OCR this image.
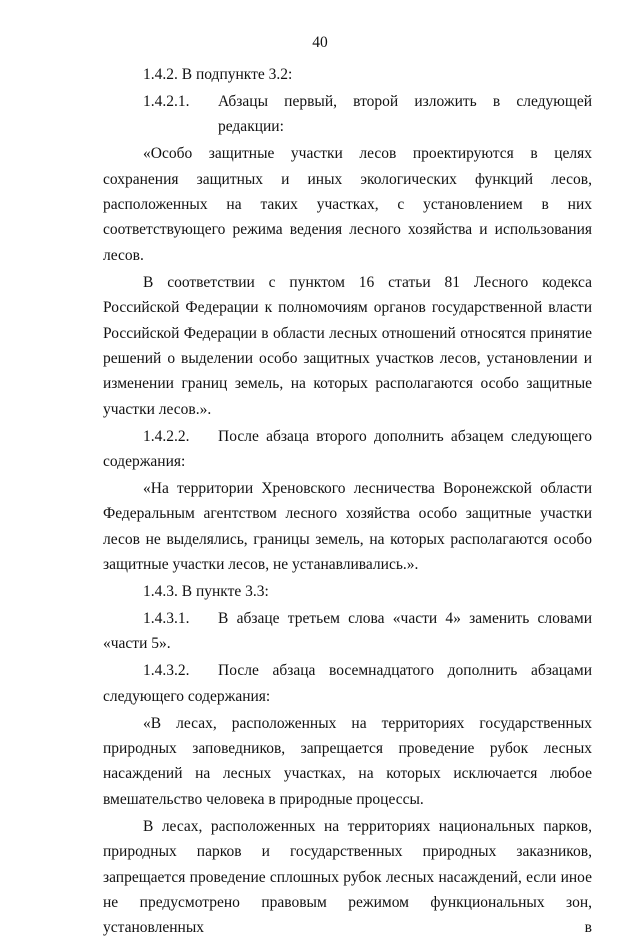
40

1.4.2. В подпункте 3.2:

1.4.2.1.	Абзацы первый, второй изложить в следующей редакции:

«Особо защитные участки лесов проектируются в целях сохранения защитных и иных экологических функций лесов, расположенных на таких участках, с установлением в них соответствующего режима ведения лесного хозяйства и использования лесов.

В соответствии с пунктом 16 статьи 81 Лесного кодекса Российской Федерации к полномочиям органов государственной власти Российской Федерации в области лесных отношений относятся принятие решений о выделении особо защитных участков лесов, установлении и изменении границ земель, на которых располагаются особо защитные участки лесов.».

1.4.2.2.	После абзаца второго дополнить абзацем следующего

содержания:

«На территории Хреновского лесничества Воронежской области Федеральным агентством лесного хозяйства особо защитные участки лесов не выделялись, границы земель, на которых располагаются особо защитные участки лесов, не устанавливались.».

1.4.3. В пункте 3.3:

1.4.3.1.	В абзаце третьем слова «части 4» заменить словами

«части 5».

1.4.3.2.	После абзаца восемнадцатого дополнить абзацами

следующего содержания:

«В лесах, расположенных на территориях государственных природных заповедников, запрещается проведение рубок лесных насаждений на лесных участках, на которых исключается любое вмешательство человека в природные процессы.

В лесах, расположенных на территориях национальных парков, природных парков и государственных природных заказников, запрещается проведение сплошных рубок лесных насаждений, если иное не предусмотрено правовым режимом функциональных зон, установленных в
